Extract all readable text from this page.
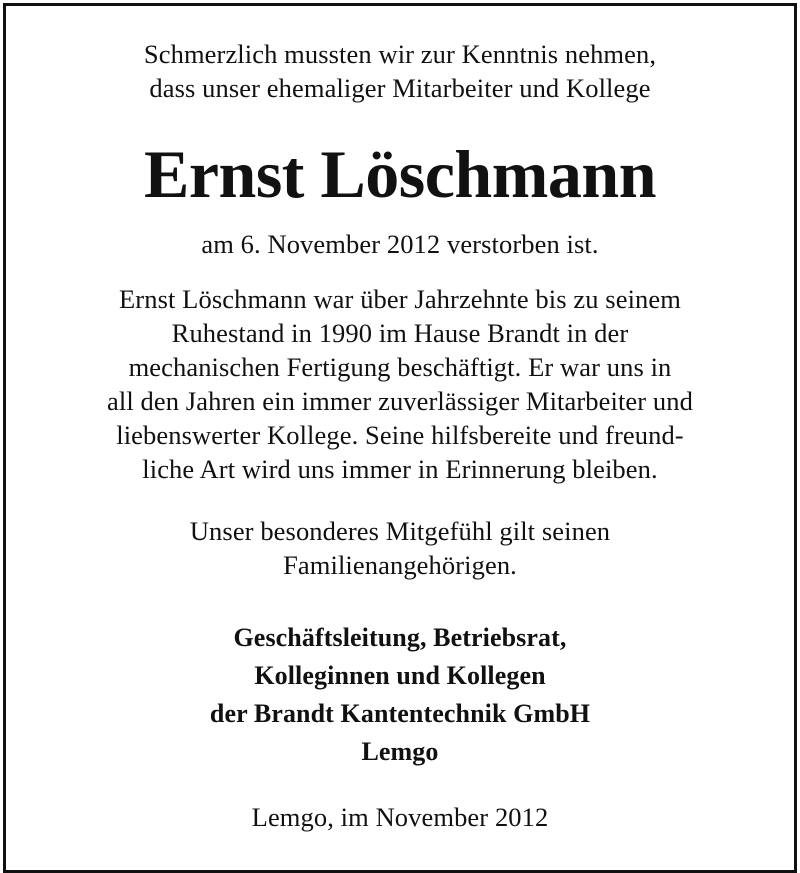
Schmerzlich mussten wir zur Kenntnis nehmen,
dass unser ehemaliger Mitarbeiter und Kollege
Ernst Löschmann
am 6. November 2012 verstorben ist.
Ernst Löschmann war über Jahrzehnte bis zu seinem
Ruhestand in 1990 im Hause Brandt in der
mechanischen Fertigung beschäftigt. Er war uns in
all den Jahren ein immer zuverlässiger Mitarbeiter und
liebenswerter Kollege. Seine hilfsbereite und freund-
liche Art wird uns immer in Erinnerung bleiben.
Unser besonderes Mitgefühl gilt seinen
Familienangehörigen.
Geschäftsleitung, Betriebsrat,
Kolleginnen und Kollegen
der Brandt Kantentechnik GmbH
Lemgo
Lemgo, im November 2012
